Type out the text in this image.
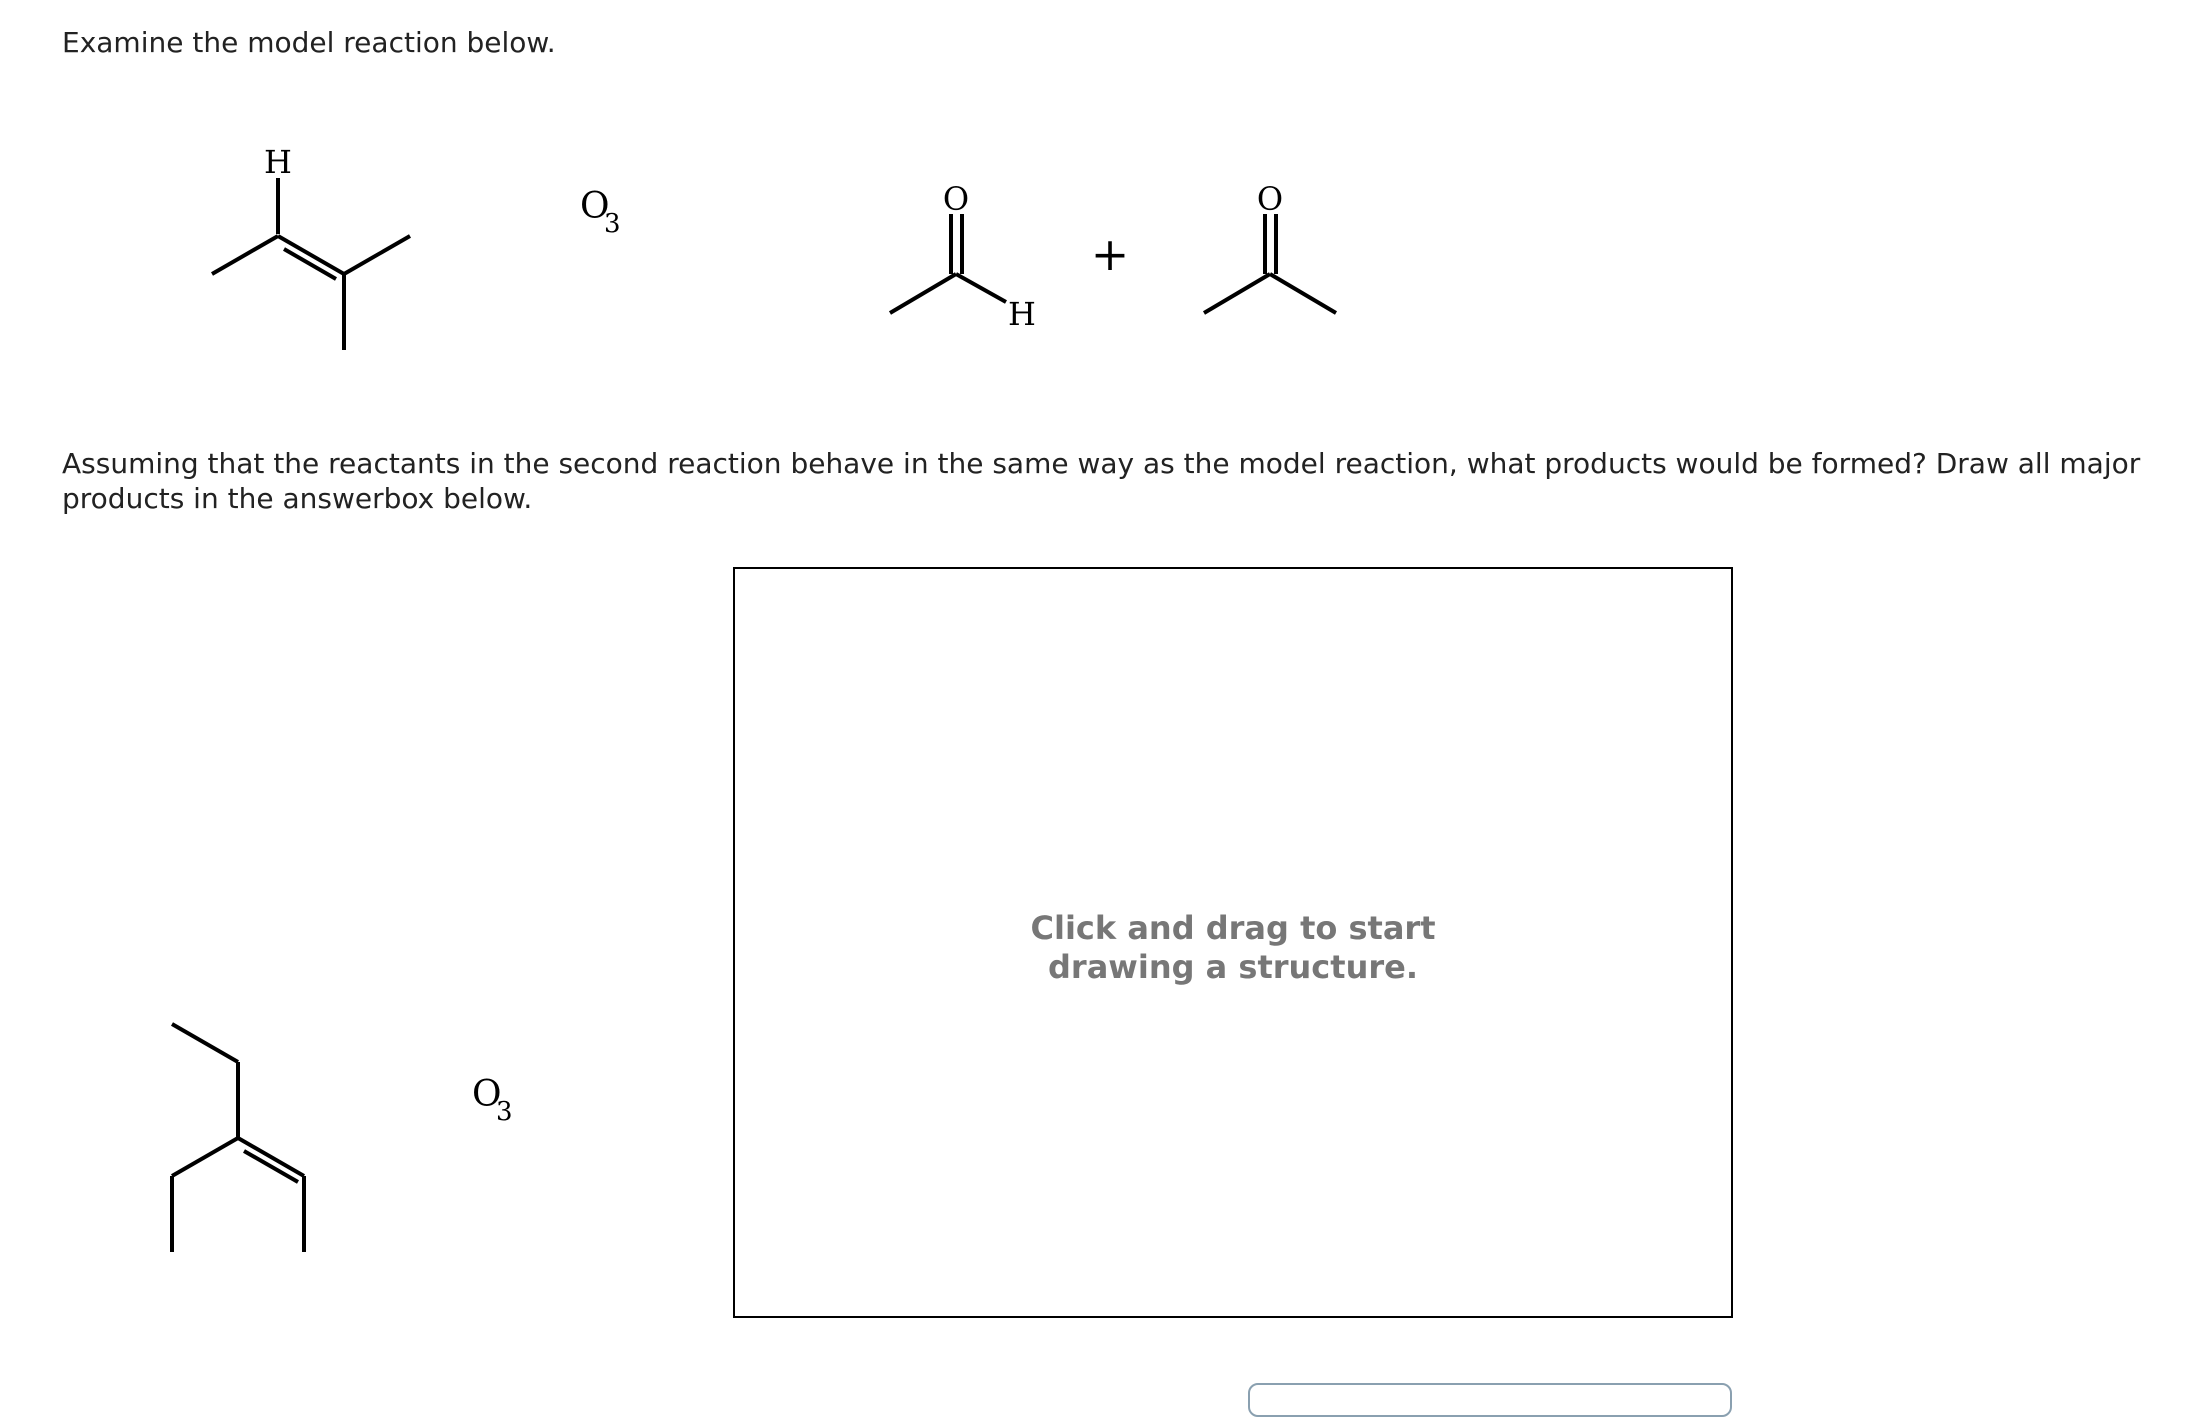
Examine the model reaction below.

H
O
3
O
H
+
O

Assuming that the reactants in the second reaction behave in the same way as the model reaction, what products would be formed? Draw all major products in the answerbox below.

O
3
Click and drag to start
drawing a structure.
